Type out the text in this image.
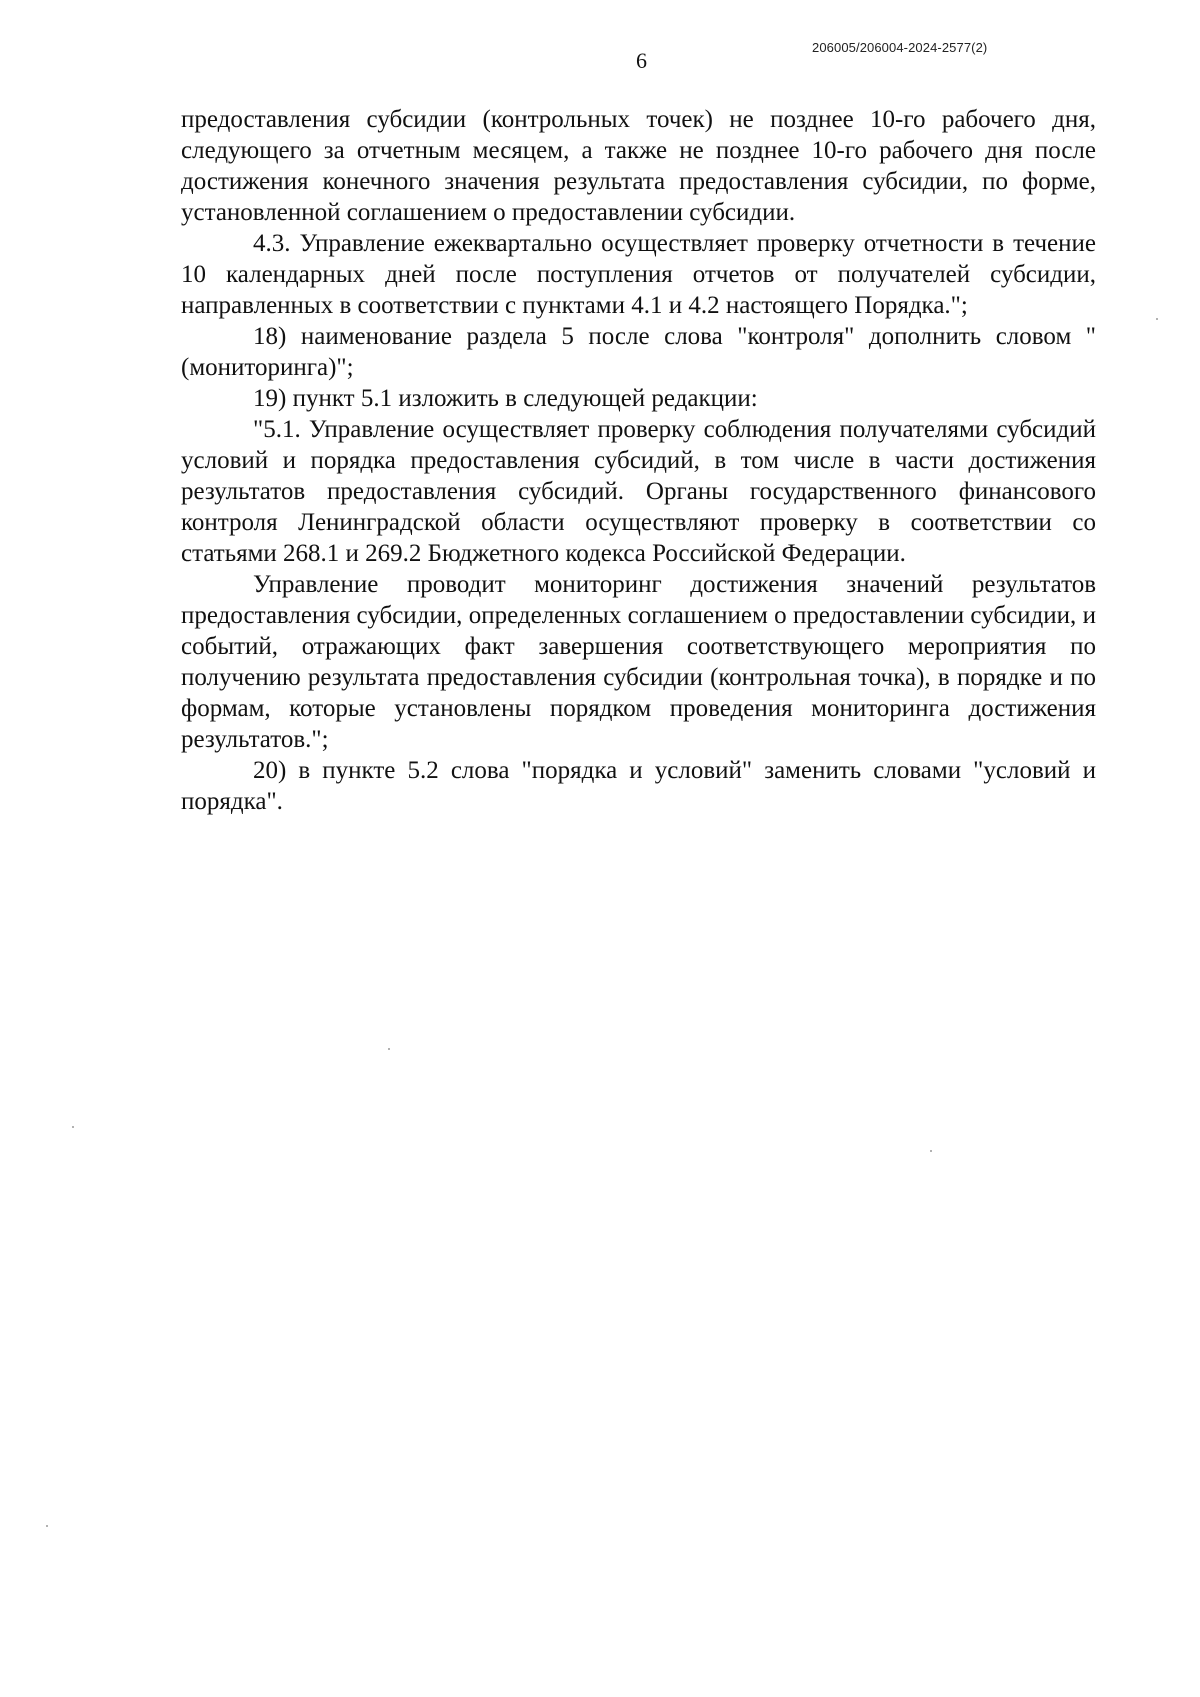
206005/206004-2024-2577(2)
6

предоставления субсидии (контрольных точек) не позднее 10-го рабочего дня, следующего за отчетным месяцем, а также не позднее 10-го рабочего дня после достижения конечного значения результата предоставления субсидии, по форме, установленной соглашением о предоставлении субсидии.

4.3. Управление ежеквартально осуществляет проверку отчетности в течение 10 календарных дней после поступления отчетов от получателей субсидии, направленных в соответствии с пунктами 4.1 и 4.2 настоящего Порядка.";

18) наименование раздела 5 после слова "контроля" дополнить словом "(мониторинга)";

19) пункт 5.1 изложить в следующей редакции:

"5.1. Управление осуществляет проверку соблюдения получателями субсидий условий и порядка предоставления субсидий, в том числе в части достижения результатов предоставления субсидий. Органы государственного финансового контроля Ленинградской области осуществляют проверку в соответствии со статьями 268.1 и 269.2 Бюджетного кодекса Российской Федерации.

Управление проводит мониторинг достижения значений результатов предоставления субсидии, определенных соглашением о предоставлении субсидии, и событий, отражающих факт завершения соответствующего мероприятия по получению результата предоставления субсидии (контрольная точка), в порядке и по формам, которые установлены порядком проведения мониторинга достижения результатов.";

20) в пункте 5.2 слова "порядка и условий" заменить словами "условий и порядка".
